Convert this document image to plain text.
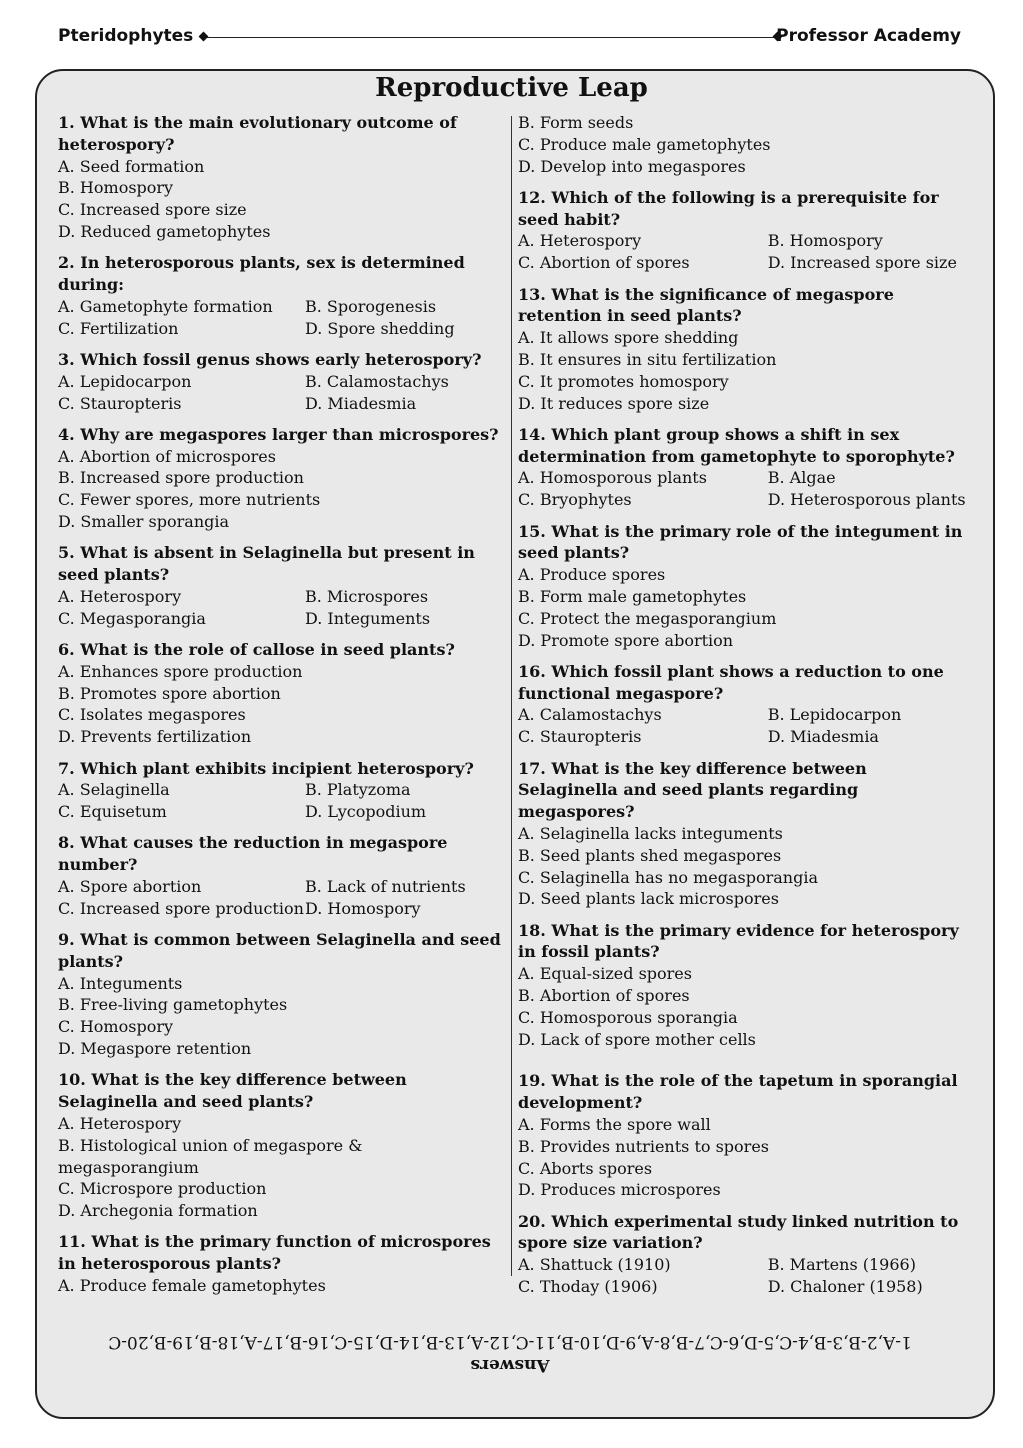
Pteridophytes	Professor Academy
Reproductive Leap
1. What is the main evolutionary outcome of heterospory?
A. Seed formation
B. Homospory
C. Increased spore size
D. Reduced gametophytes
2. In heterosporous plants, sex is determined during:
A. Gametophyte formation	B. Sporogenesis
C. Fertilization	D. Spore shedding
3. Which fossil genus shows early heterospory?
A. Lepidocarpon	B. Calamostachys
C. Stauropteris	D. Miadesmia
4. Why are megaspores larger than microspores?
A. Abortion of microspores
B. Increased spore production
C. Fewer spores, more nutrients
D. Smaller sporangia
5. What is absent in Selaginella but present in seed plants?
A. Heterospory	B. Microspores
C. Megasporangia	D. Integuments
6. What is the role of callose in seed plants?
A. Enhances spore production
B. Promotes spore abortion
C. Isolates megaspores
D. Prevents fertilization
7. Which plant exhibits incipient heterospory?
A. Selaginella	B. Platyzoma
C. Equisetum	D. Lycopodium
8. What causes the reduction in megaspore number?
A. Spore abortion	B. Lack of nutrients
C. Increased spore production D. Homospory
9. What is common between Selaginella and seed plants?
A. Integuments
B. Free-living gametophytes
C. Homospory
D. Megaspore retention
10. What is the key difference between Selaginella and seed plants?
A. Heterospory
B. Histological union of megaspore & megasporangium
C. Microspore production
D. Archegonia formation
11. What is the primary function of microspores in heterosporous plants?
A. Produce female gametophytes
B. Form seeds
C. Produce male gametophytes
D. Develop into megaspores
12. Which of the following is a prerequisite for seed habit?
A. Heterospory	B. Homospory
C. Abortion of spores	D. Increased spore size
13. What is the significance of megaspore retention in seed plants?
A. It allows spore shedding
B. It ensures in situ fertilization
C. It promotes homospory
D. It reduces spore size
14. Which plant group shows a shift in sex determination from gametophyte to sporophyte?
A. Homosporous plants	B. Algae
C. Bryophytes	D. Heterosporous plants
15. What is the primary role of the integument in seed plants?
A. Produce spores
B. Form male gametophytes
C. Protect the megasporangium
D. Promote spore abortion
16. Which fossil plant shows a reduction to one functional megaspore?
A. Calamostachys	B. Lepidocarpon
C. Stauropteris	D. Miadesmia
17. What is the key difference between Selaginella and seed plants regarding megaspores?
A. Selaginella lacks integuments
B. Seed plants shed megaspores
C. Selaginella has no megasporangia
D. Seed plants lack microspores
18. What is the primary evidence for heterospory in fossil plants?
A. Equal-sized spores
B. Abortion of spores
C. Homosporous sporangia
D. Lack of spore mother cells
19. What is the role of the tapetum in sporangial development?
A. Forms the spore wall
B. Provides nutrients to spores
C. Aborts spores
D. Produces microspores
20. Which experimental study linked nutrition to spore size variation?
A. Shattuck (1910)	B. Martens (1966)
C. Thoday (1906)	D. Chaloner (1958)
Answers
1-A,2-B,3-B,4-C,5-D,6-C,7-B,8-A,9-D,10-B,11-C,12-A,13-B,14-D,15-C,16-B,17-A,18-B,19-B,20-C
